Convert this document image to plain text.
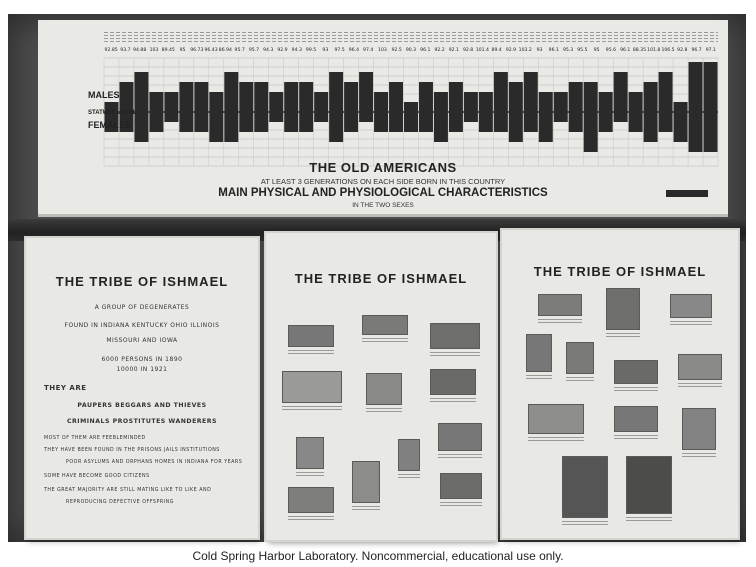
92.85 93.7 94.88 103 89.45 95 96.73 96.43 86.94 95.7 95.7 94.3 92.9 94.3 99.5 93 97.5 96.4 97.4 103 92.5 90.3 96.1 92.2 92.1 92.8 101.4 89.4 92.9 103.2 93 96.1 95.3 95.5 95 95.6 96.1 88.35 101.8 106.5 92.8 96.7 97.1
MALES
STATURE LEVEL
FEMALES
THE OLD AMERICANS
AT LEAST 3 GENERATIONS ON EACH SIDE BORN IN THIS COUNTRY
MAIN PHYSICAL AND PHYSIOLOGICAL CHARACTERISTICS
IN THE TWO SEXES
THE TRIBE OF ISHMAEL
A GROUP OF DEGENERATES
FOUND IN INDIANA KENTUCKY OHIO ILLINOIS
MISSOURI AND IOWA
6000 PERSONS IN 1890
10000 IN 1921
THEY ARE
PAUPERS BEGGARS AND THIEVES
CRIMINALS PROSTITUTES WANDERERS
MOST OF THEM ARE FEEBLEMINDED
THEY HAVE BEEN FOUND IN THE PRISONS JAILS INSTITUTIONS
POOR ASYLUMS AND ORPHANS HOMES IN INDIANA FOR YEARS
SOME HAVE BECOME GOOD CITIZENS
THE GREAT MAJORITY ARE STILL MATING LIKE TO LIKE AND
REPRODUCING DEFECTIVE OFFSPRING
THE TRIBE OF ISHMAEL	THE TRIBE OF ISHMAEL
Cold Spring Harbor Laboratory. Noncommercial, educational use only.
